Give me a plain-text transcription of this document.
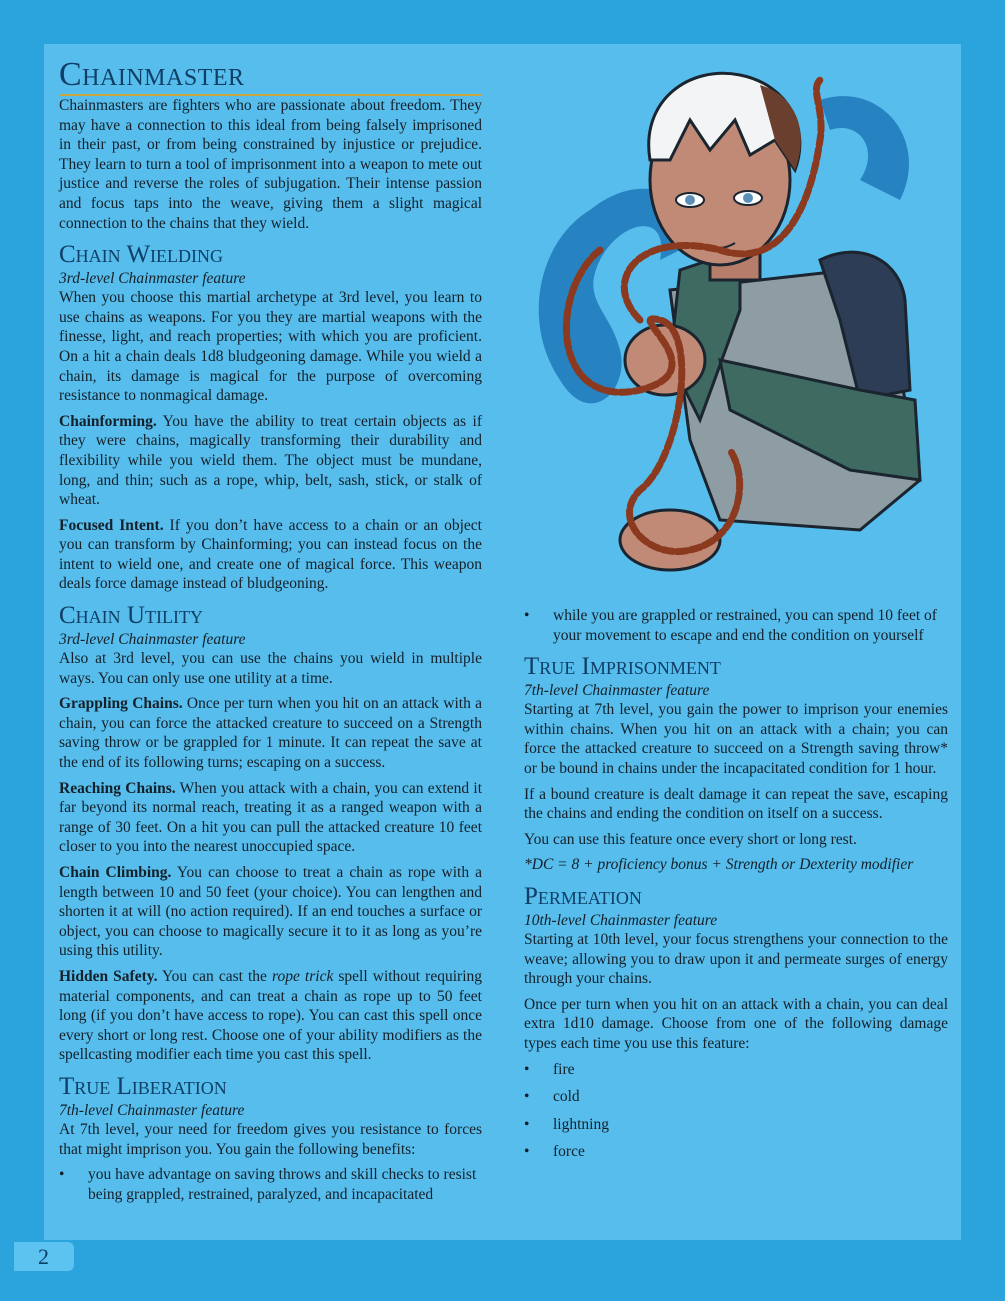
2
Chainmaster

Chainmasters are fighters who are passionate about freedom. They may have a connection to this ideal from being falsely imprisoned in their past, or from being constrained by injustice or prejudice. They learn to turn a tool of imprisonment into a weapon to mete out justice and reverse the roles of subjugation. Their intense passion and focus taps into the weave, giving them a slight magical connection to the chains that they wield.

Chain Wielding
3rd-level Chainmaster feature

When you choose this martial archetype at 3rd level, you learn to use chains as weapons. For you they are martial weapons with the finesse, light, and reach properties; with which you are proficient. On a hit a chain deals 1d8 bludgeoning damage. While you wield a chain, its damage is magical for the purpose of overcoming resistance to nonmagical damage.

Chainforming. You have the ability to treat certain objects as if they were chains, magically transforming their durability and flexibility while you wield them. The object must be mundane, long, and thin; such as a rope, whip, belt, sash, stick, or stalk of wheat.

Focused Intent. If you don’t have access to a chain or an object you can transform by Chainforming; you can instead focus on the intent to wield one, and create one of magical force. This weapon deals force damage instead of bludgeoning.

Chain Utility
3rd-level Chainmaster feature

Also at 3rd level, you can use the chains you wield in multiple ways. You can only use one utility at a time.

Grappling Chains. Once per turn when you hit on an attack with a chain, you can force the attacked creature to succeed on a Strength saving throw or be grappled for 1 minute. It can repeat the save at the end of its following turns; escaping on a success.

Reaching Chains. When you attack with a chain, you can extend it far beyond its normal reach, treating it as a ranged weapon with a range of 30 feet. On a hit you can pull the attacked creature 10 feet closer to you into the nearest unoccupied space.

Chain Climbing. You can choose to treat a chain as rope with a length between 10 and 50 feet (your choice). You can lengthen and shorten it at will (no action required). If an end touches a surface or object, you can choose to magically secure it to it as long as you’re using this utility.

Hidden Safety. You can cast the rope trick spell without requiring material components, and can treat a chain as rope up to 50 feet long (if you don’t have access to rope). You can cast this spell once every short or long rest. Choose one of your ability modifiers as the spellcasting modifier each time you cast this spell.

True Liberation
7th-level Chainmaster feature

At 7th level, your need for freedom gives you resistance to forces that might imprison you. You gain the following benefits:

• you have advantage on saving throws and skill checks to resist being grappled, restrained, paralyzed, and incapacitated
• while you are grappled or restrained, you can spend 10 feet of your movement to escape and end the condition on yourself
True Imprisonment
7th-level Chainmaster feature

Starting at 7th level, you gain the power to imprison your enemies within chains. When you hit on an attack with a chain; you can force the attacked creature to succeed on a Strength saving throw* or be bound in chains under the incapacitated condition for 1 hour.

If a bound creature is dealt damage it can repeat the save, escaping the chains and ending the condition on itself on a success.

You can use this feature once every short or long rest.

*DC = 8 + proficiency bonus + Strength or Dexterity modifier

Permeation
10th-level Chainmaster feature

Starting at 10th level, your focus strengthens your connection to the weave; allowing you to draw upon it and permeate surges of energy through your chains.

Once per turn when you hit on an attack with a chain, you can deal extra 1d10 damage. Choose from one of the following damage types each time you use this feature:

• fire
• cold
• lightning
• force
